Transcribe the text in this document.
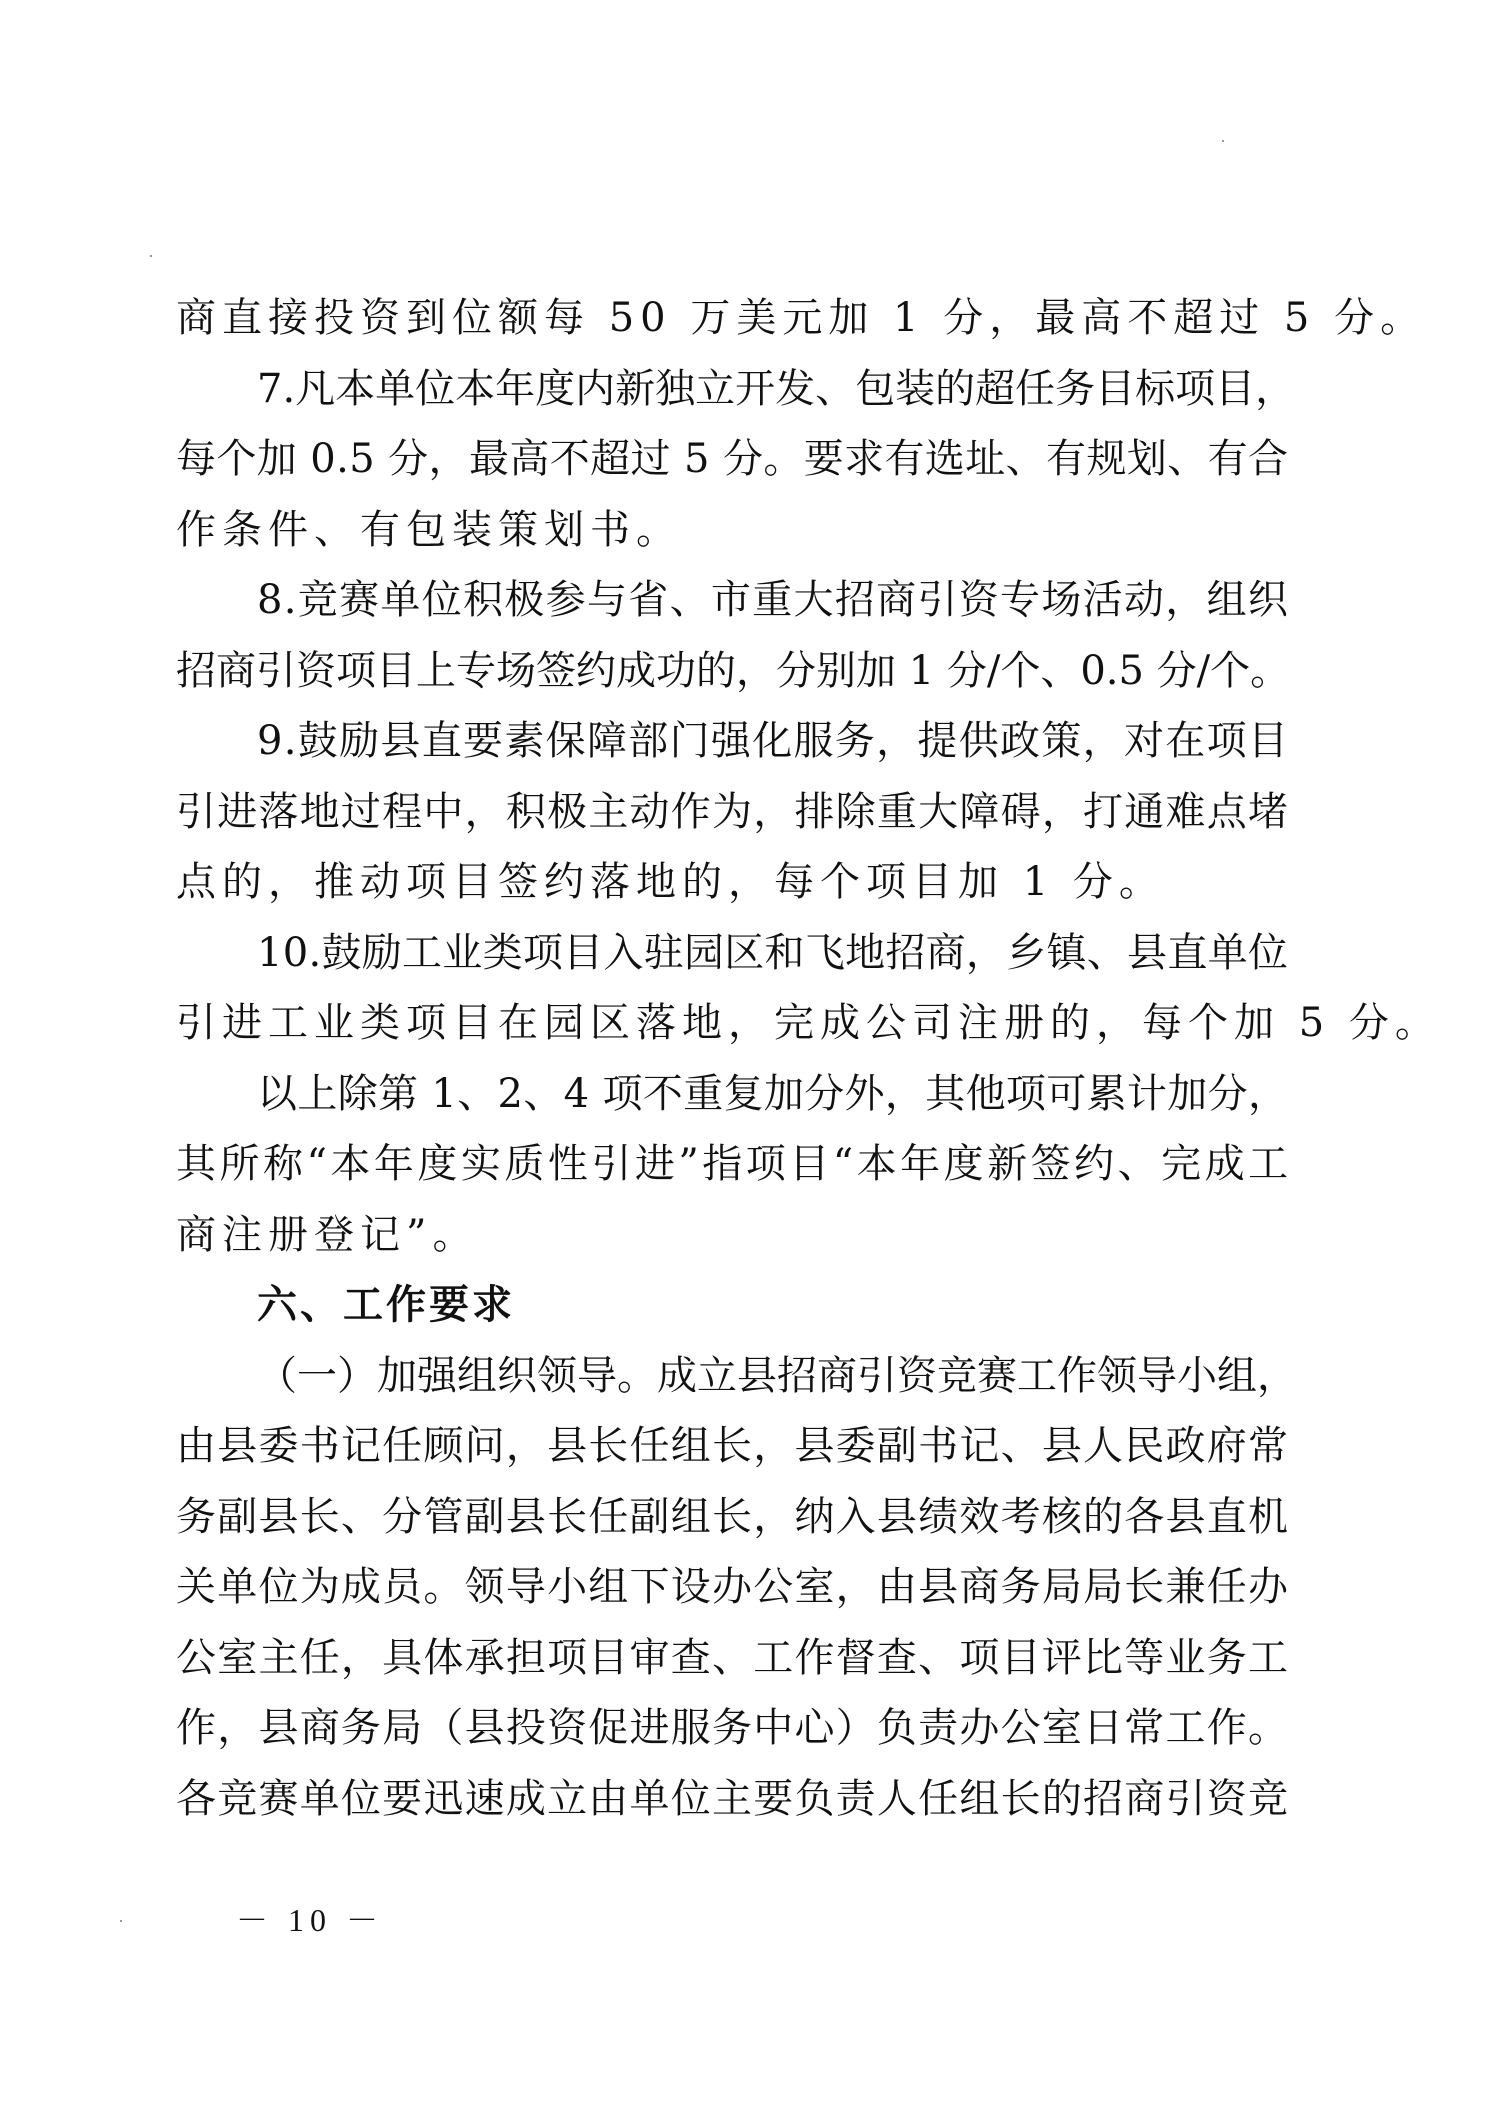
商直接投资到位额每 50 万美元加 1 分，最高不超过 5 分。
7.凡本单位本年度内新独立开发、包装的超任务目标项目，
每个加 0.5 分，最高不超过 5 分。要求有选址、有规划、有合
作条件、有包装策划书。
8.竞赛单位积极参与省、市重大招商引资专场活动，组织
招商引资项目上专场签约成功的，分别加 1 分/个、0.5 分/个。
9.鼓励县直要素保障部门强化服务，提供政策，对在项目
引进落地过程中，积极主动作为，排除重大障碍，打通难点堵
点的，推动项目签约落地的，每个项目加 1 分。
10.鼓励工业类项目入驻园区和飞地招商，乡镇、县直单位
引进工业类项目在园区落地，完成公司注册的，每个加 5 分。
以上除第 1、2、4 项不重复加分外，其他项可累计加分，
其所称“本年度实质性引进”指项目“本年度新签约、完成工
商注册登记”。
六、工作要求
（一）加强组织领导。成立县招商引资竞赛工作领导小组，
由县委书记任顾问，县长任组长，县委副书记、县人民政府常
务副县长、分管副县长任副组长，纳入县绩效考核的各县直机
关单位为成员。领导小组下设办公室，由县商务局局长兼任办
公室主任，具体承担项目审查、工作督查、项目评比等业务工
作，县商务局（县投资促进服务中心）负责办公室日常工作。
各竞赛单位要迅速成立由单位主要负责人任组长的招商引资竞
－ 10 －
